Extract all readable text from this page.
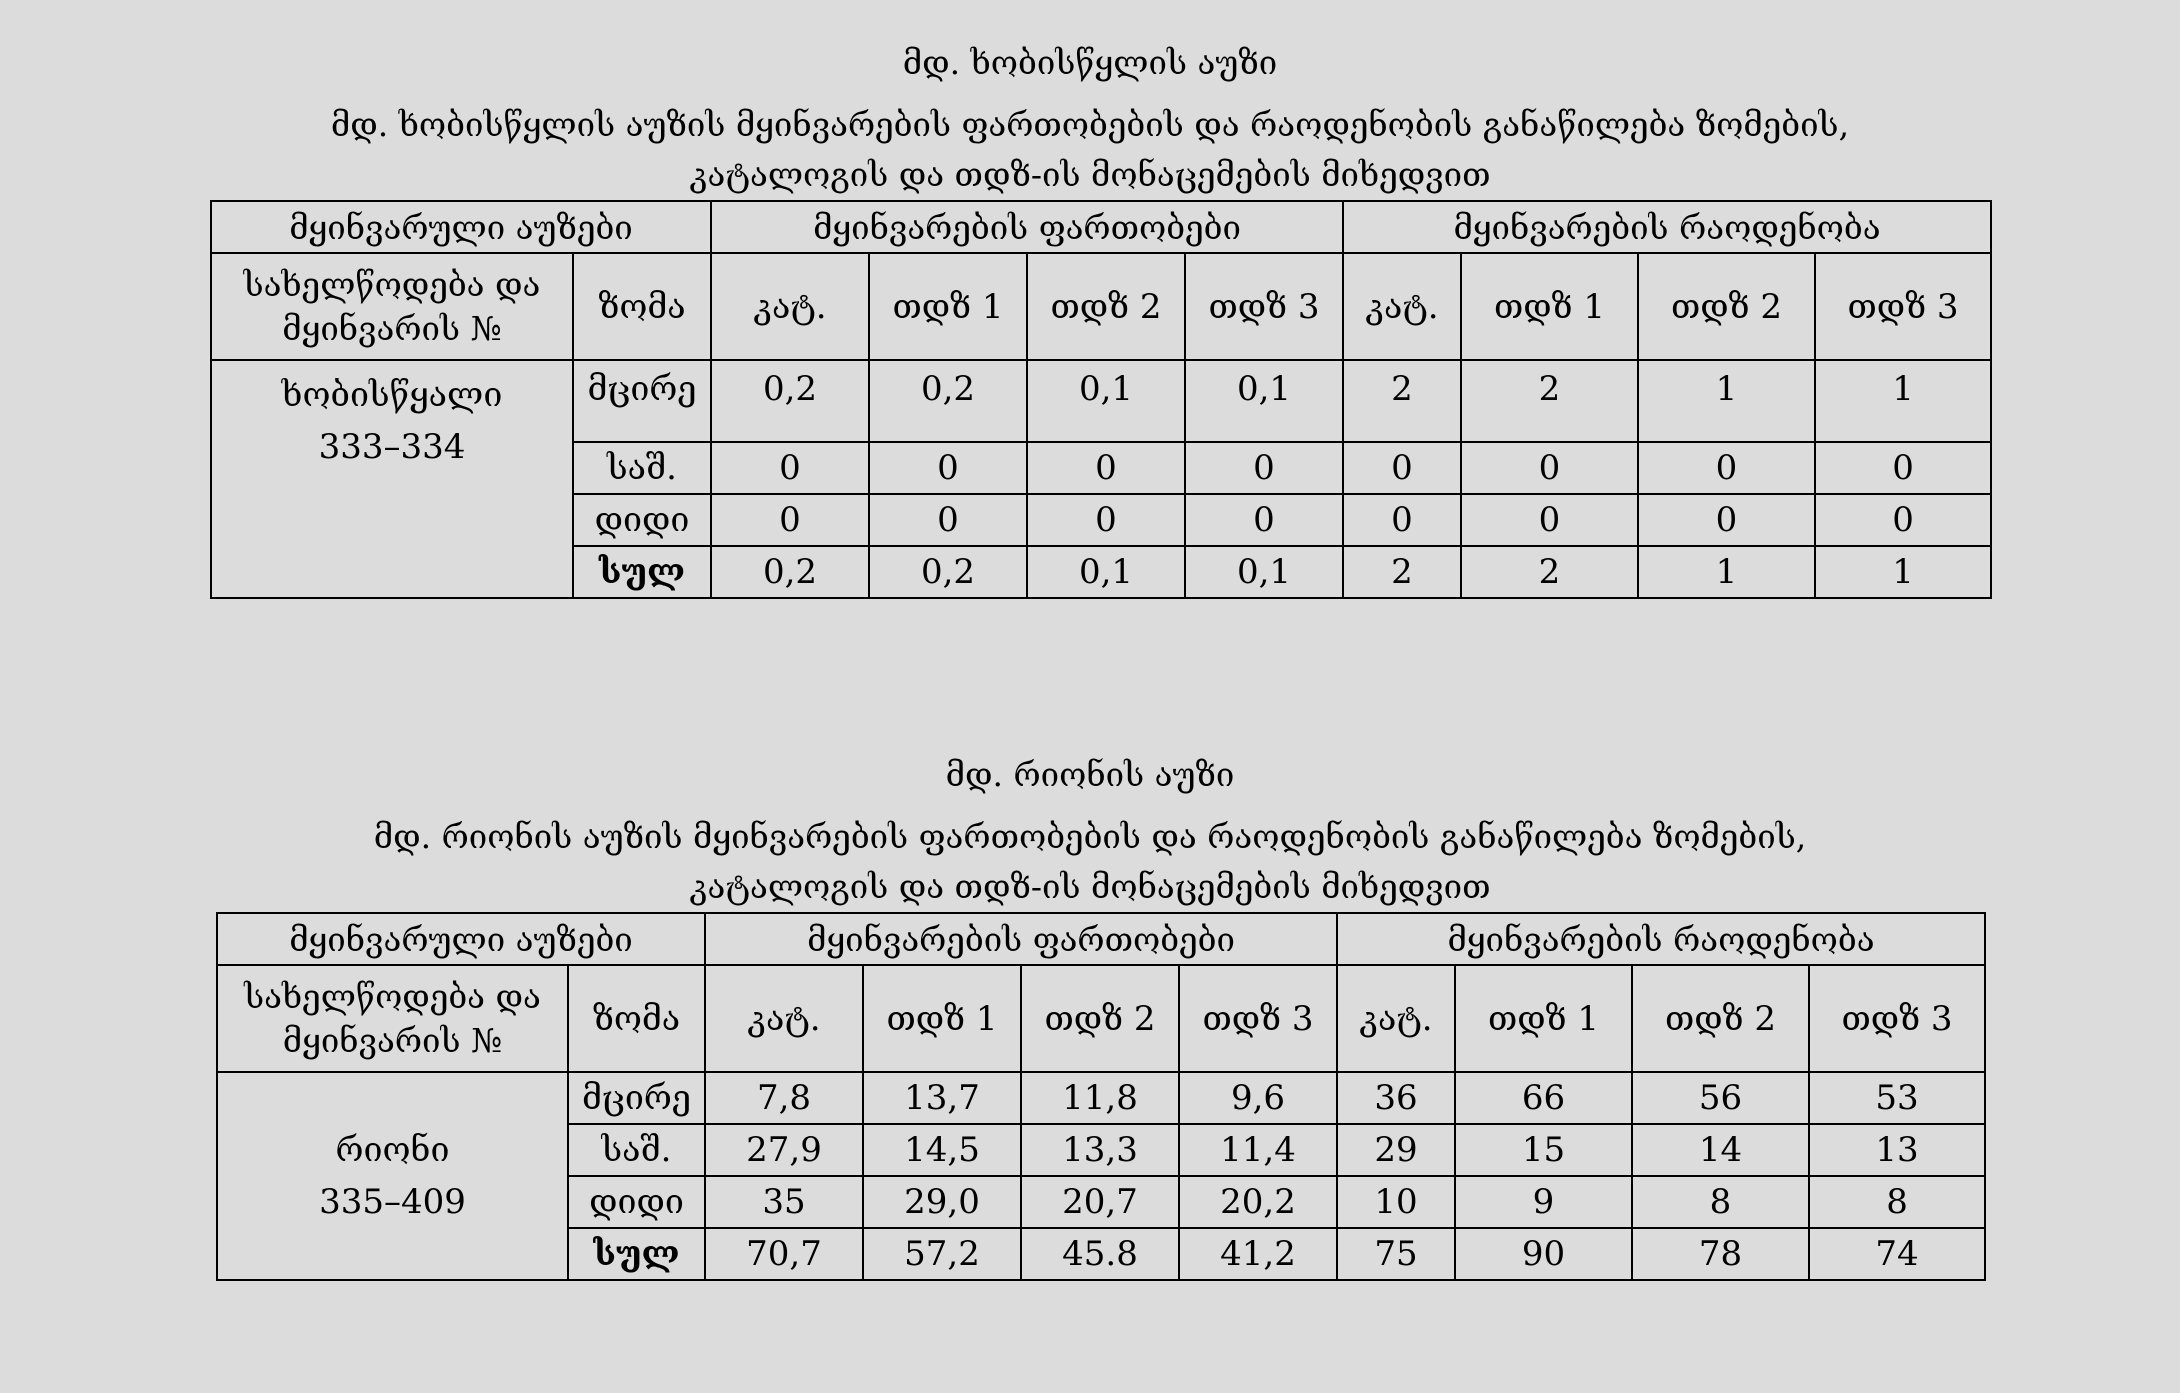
მდ. ხობისწყლის აუზი

მდ. ხობისწყლის აუზის მყინვარების ფართობების და რაოდენობის განაწილება ზომების,

კატალოგის და თდზ-ის მონაცემების მიხედვით

მყინვარული აუზები		მყინვარების ფართობები				მყინვარების რაოდენობა			
სახელწოდება და მყინვარის №	ზომა	კატ.	თდზ 1	თდზ 2	თდზ 3	კატ.	თდზ 1	თდზ 2	თდზ 3

ხობისწყალი
333–334	მცირე	0,2	0,2	0,1	0,1	2	2	1	1
	საშ.	0	0	0	0	0	0	0	0
	დიდი	0	0	0	0	0	0	0	0
	სულ	0,2	0,2	0,1	0,1	2	2	1	1
მდ. რიონის აუზი

მდ. რიონის აუზის მყინვარების ფართობების და რაოდენობის განაწილება ზომების,

კატალოგის და თდზ-ის მონაცემების მიხედვით

მყინვარული აუზები		მყინვარების ფართობები				მყინვარების რაოდენობა			
სახელწოდება და მყინვარის №	ზომა	კატ.	თდზ 1	თდზ 2	თდზ 3	კატ.	თდზ 1	თდზ 2	თდზ 3

რიონი
335–409	მცირე	7,8	13,7	11,8	9,6	36	66	56	53
	საშ.	27,9	14,5	13,3	11,4	29	15	14	13
	დიდი	35	29,0	20,7	20,2	10	9	8	8
	სულ	70,7	57,2	45.8	41,2	75	90	78	74
